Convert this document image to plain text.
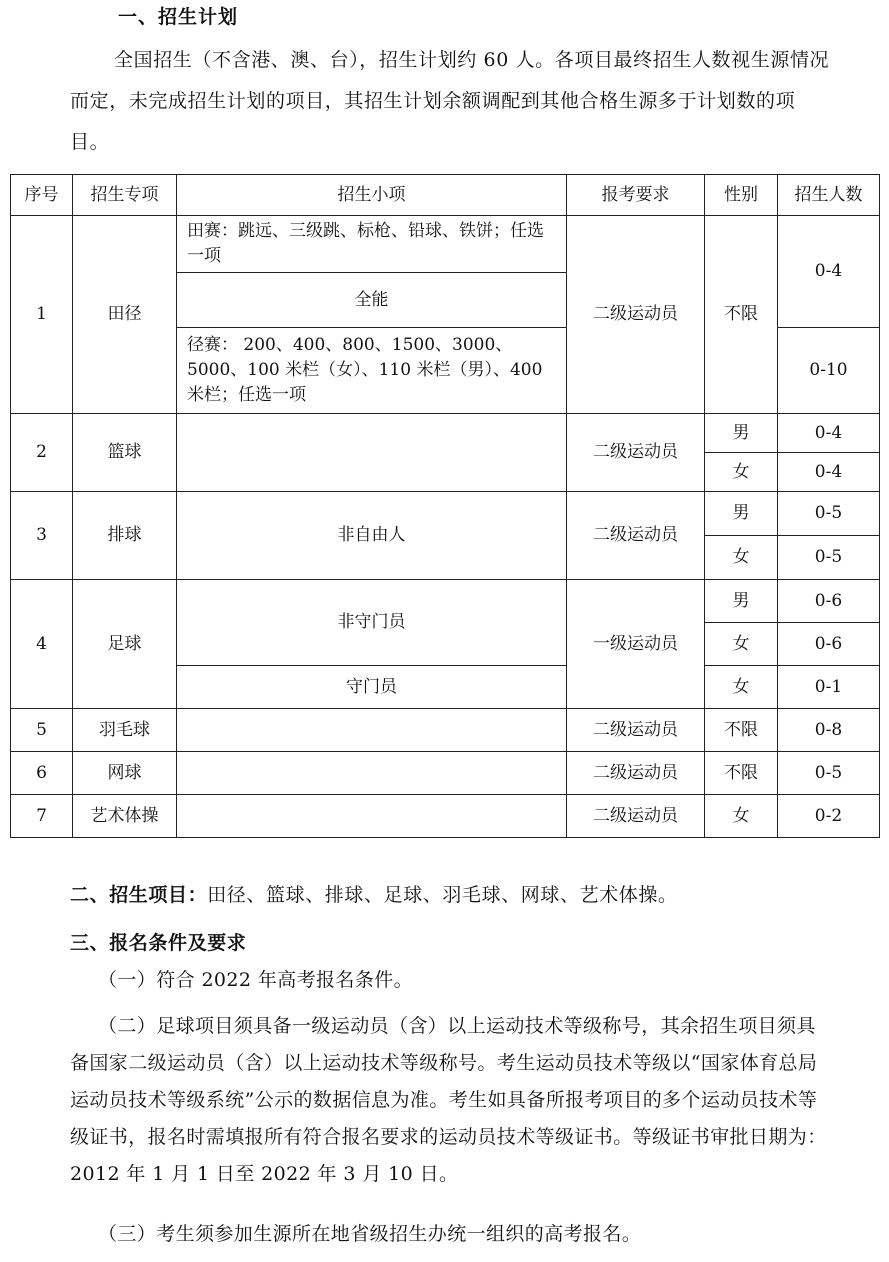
一、招生计划

全国招生（不含港、澳、台），招生计划约 60 人。各项目最终招生人数视生源情况而定，未完成招生计划的项目，其招生计划余额调配到其他合格生源多于计划数的项目。

序号	招生专项	招生小项	报考要求	性别	招生人数
1	田径	田赛：跳远、三级跳、标枪、铅球、铁饼；任选一项	二级运动员	不限	0-4
		全能			
		径赛： 200、400、800、1500、3000、5000、100 米栏（女）、110 米栏（男）、400 米栏；任选一项			0-10
2	篮球		二级运动员	男	0-4
				女	0-4
3	排球	非自由人	二级运动员	男	0-5
				女	0-5
4	足球	非守门员	一级运动员	男	0-6
				女	0-6
		守门员		女	0-1
5	羽毛球		二级运动员	不限	0-8
6	网球		二级运动员	不限	0-5
7	艺术体操		二级运动员	女	0-2
二、招生项目：田径、篮球、排球、足球、羽毛球、网球、艺术体操。
三、报名条件及要求

（一）符合 2022 年高考报名条件。

（二）足球项目须具备一级运动员（含）以上运动技术等级称号，其余招生项目须具备国家二级运动员（含）以上运动技术等级称号。考生运动员技术等级以“国家体育总局运动员技术等级系统”公示的数据信息为准。考生如具备所报考项目的多个运动员技术等级证书，报名时需填报所有符合报名要求的运动员技术等级证书。等级证书审批日期为：2012 年 1 月 1 日至 2022 年 3 月 10 日。

（三）考生须参加生源所在地省级招生办统一组织的高考报名。
